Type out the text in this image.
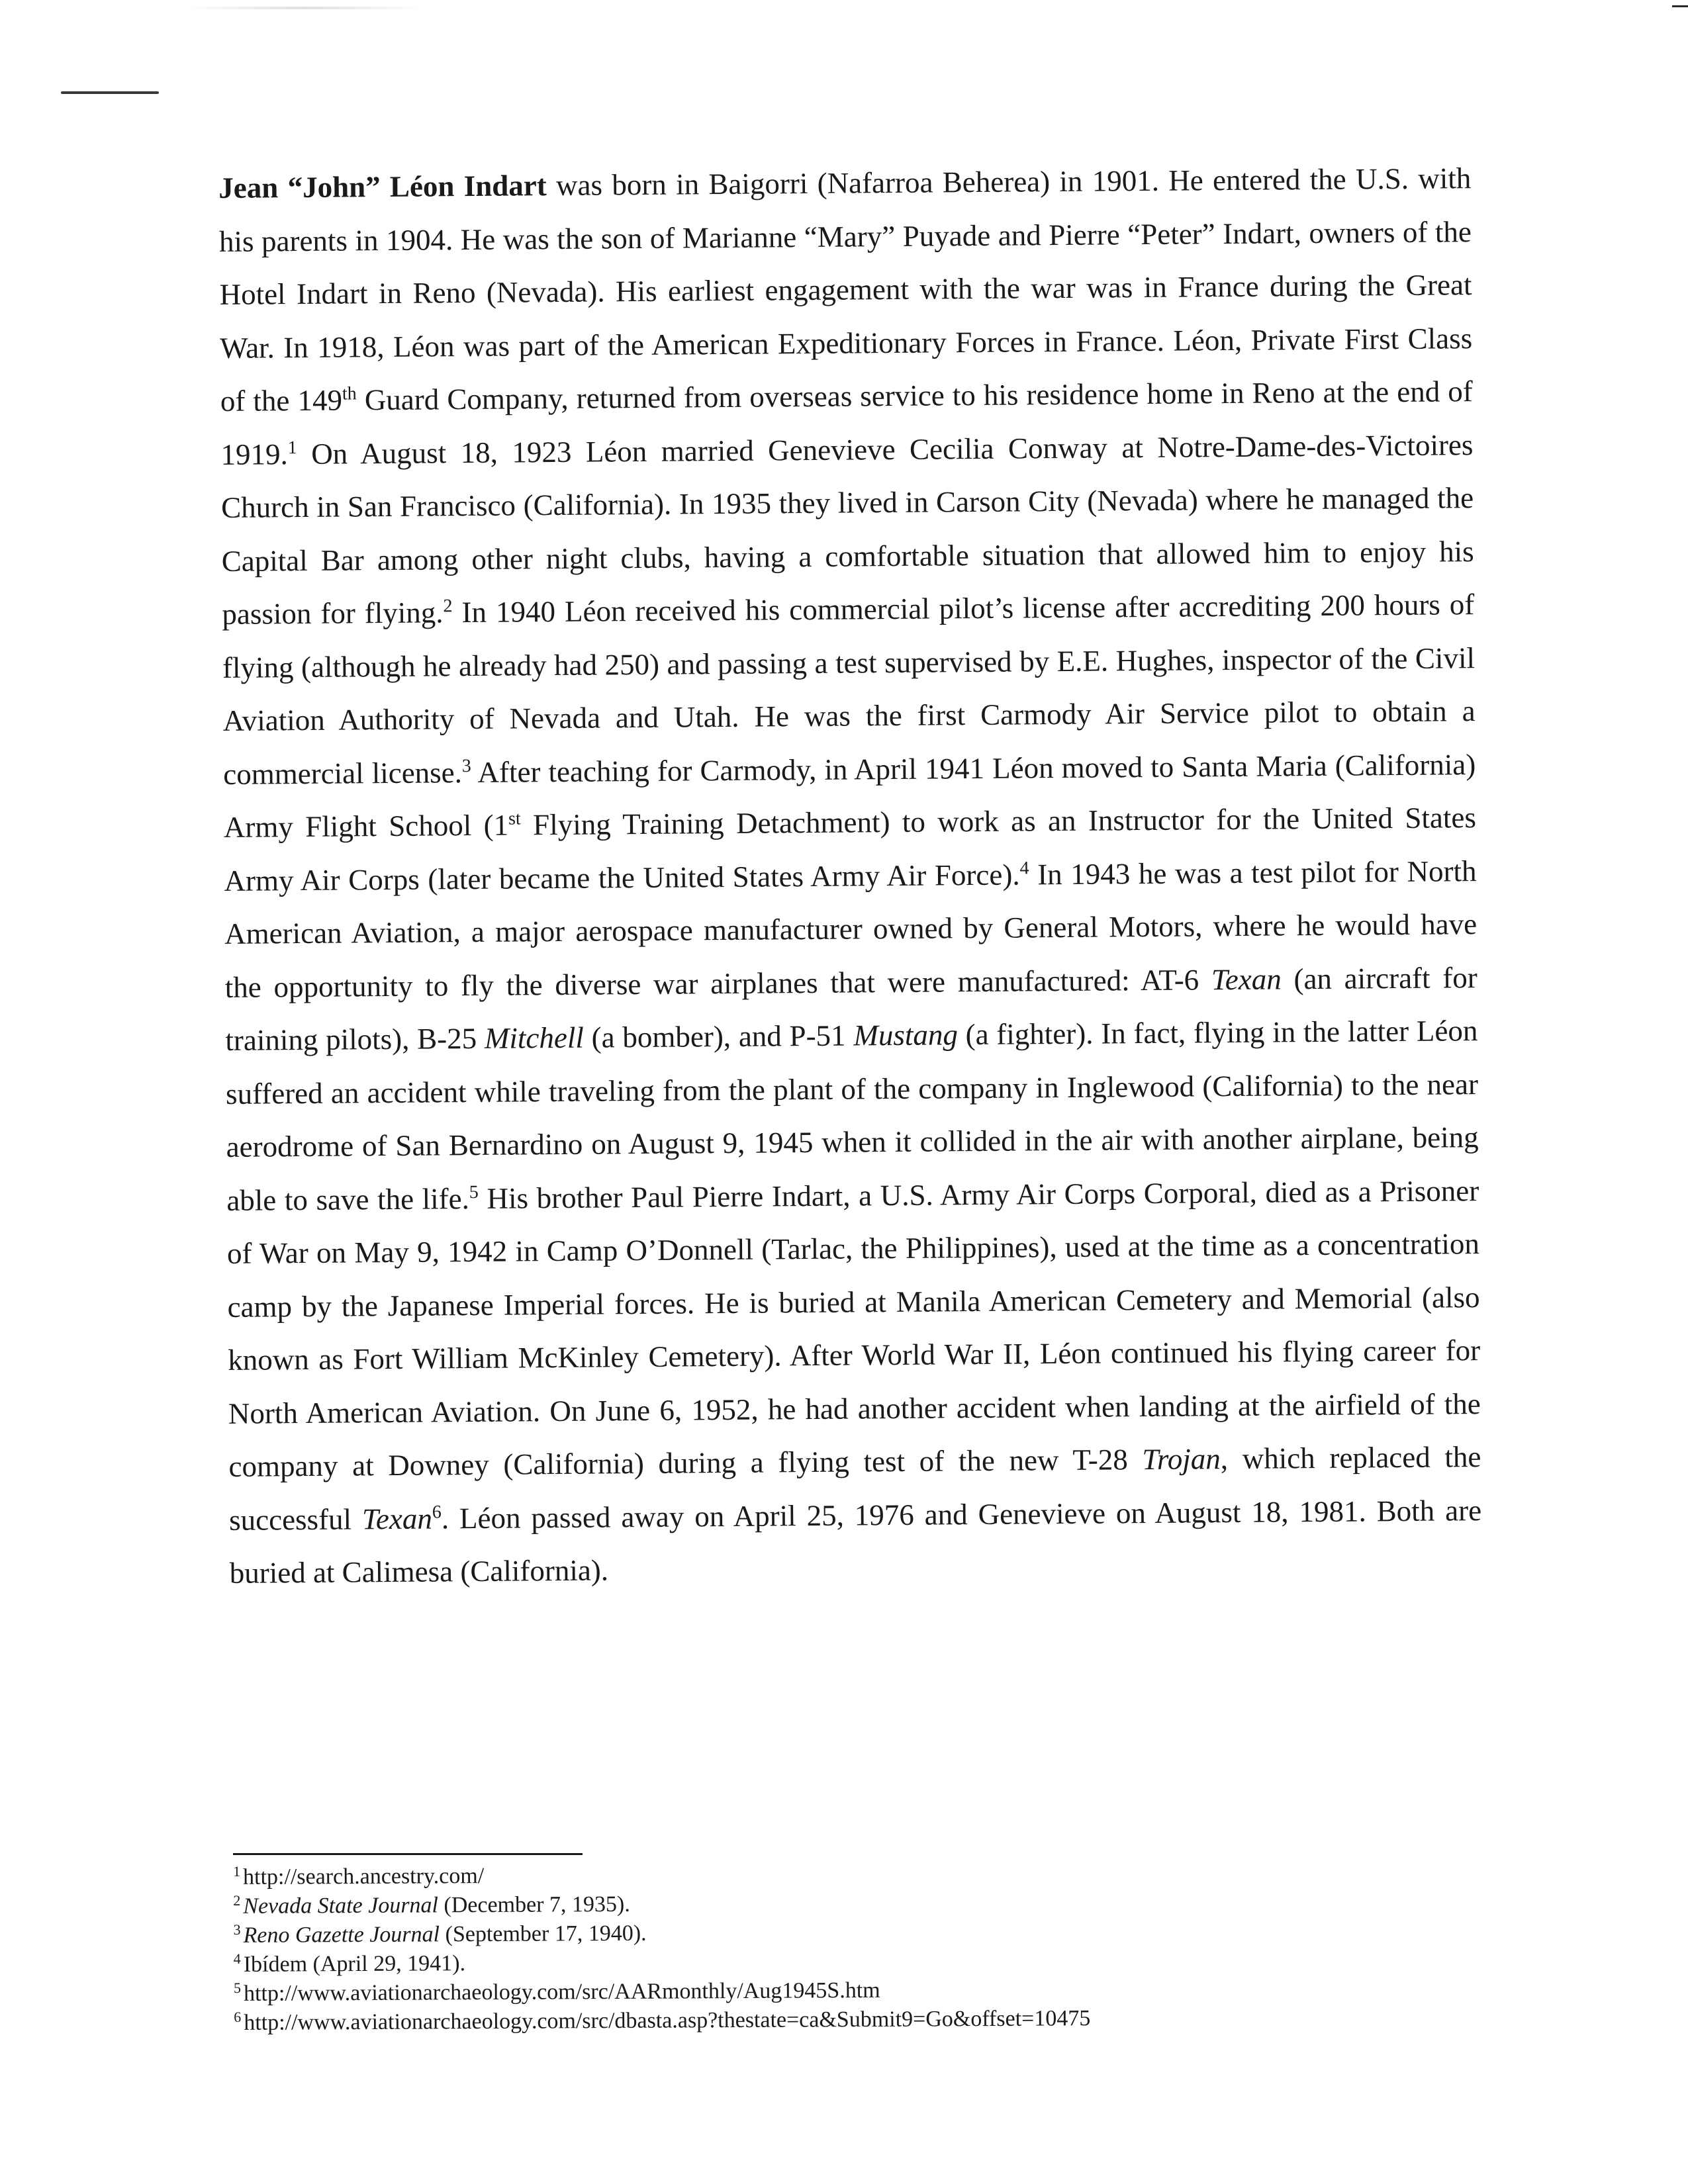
Jean “John” Léon Indart was born in Baigorri (Nafarroa Beherea) in 1901. He entered the U.S. with his parents in 1904. He was the son of Marianne “Mary” Puyade and Pierre “Peter” Indart, owners of the Hotel Indart in Reno (Nevada). His earliest engagement with the war was in France during the Great War. In 1918, Léon was part of the American Expeditionary Forces in France. Léon, Private First Class of the 149th Guard Company, returned from overseas service to his residence home in Reno at the end of 1919.$^1$ On August 18, 1923 Léon married Genevieve Cecilia Conway at Notre-Dame-des-Victoires Church in San Francisco (California). In 1935 they lived in Carson City (Nevada) where he managed the Capital Bar among other night clubs, having a comfortable situation that allowed him to enjoy his passion for flying.$^2$ In 1940 Léon received his commercial pilot’s license after accrediting 200 hours of flying (although he already had 250) and passing a test supervised by E.E. Hughes, inspector of the Civil Aviation Authority of Nevada and Utah. He was the first Carmody Air Service pilot to obtain a commercial license.$^3$ After teaching for Carmody, in April 1941 Léon moved to Santa Maria (California) Army Flight School (1st Flying Training Detachment) to work as an Instructor for the United States Army Air Corps (later became the United States Army Air Force).$^4$ In 1943 he was a test pilot for North American Aviation, a major aerospace manufacturer owned by General Motors, where he would have the opportunity to fly the diverse war airplanes that were manufactured: AT-6 Texan (an aircraft for training pilots), B-25 Mitchell (a bomber), and P-51 Mustang (a fighter). In fact, flying in the latter Léon suffered an accident while traveling from the plant of the company in Inglewood (California) to the near aerodrome of San Bernardino on August 9, 1945 when it collided in the air with another airplane, being able to save the life.$^5$ His brother Paul Pierre Indart, a U.S. Army Air Corps Corporal, died as a Prisoner of War on May 9, 1942 in Camp O’Donnell (Tarlac, the Philippines), used at the time as a concentration camp by the Japanese Imperial forces. He is buried at Manila American Cemetery and Memorial (also known as Fort William McKinley Cemetery). After World War II, Léon continued his flying career for North American Aviation. On June 6, 1952, he had another accident when landing at the airfield of the company at Downey (California) during a flying test of the new T-28 Trojan, which replaced the successful Texan$^6$. Léon passed away on April 25, 1976 and Genevieve on August 18, 1981. Both are buried at Calimesa (California).

$^1$ http://search.ancestry.com/
$^2$ Nevada State Journal (December 7, 1935).
$^3$ Reno Gazette Journal (September 17, 1940).
$^4$ Ibídem (April 29, 1941).
$^5$ http://www.aviationarchaeology.com/src/AARmonthly/Aug1945S.htm
$^6$ http://www.aviationarchaeology.com/src/dbasta.asp?thestate=ca&Submit9=Go&offset=10475
